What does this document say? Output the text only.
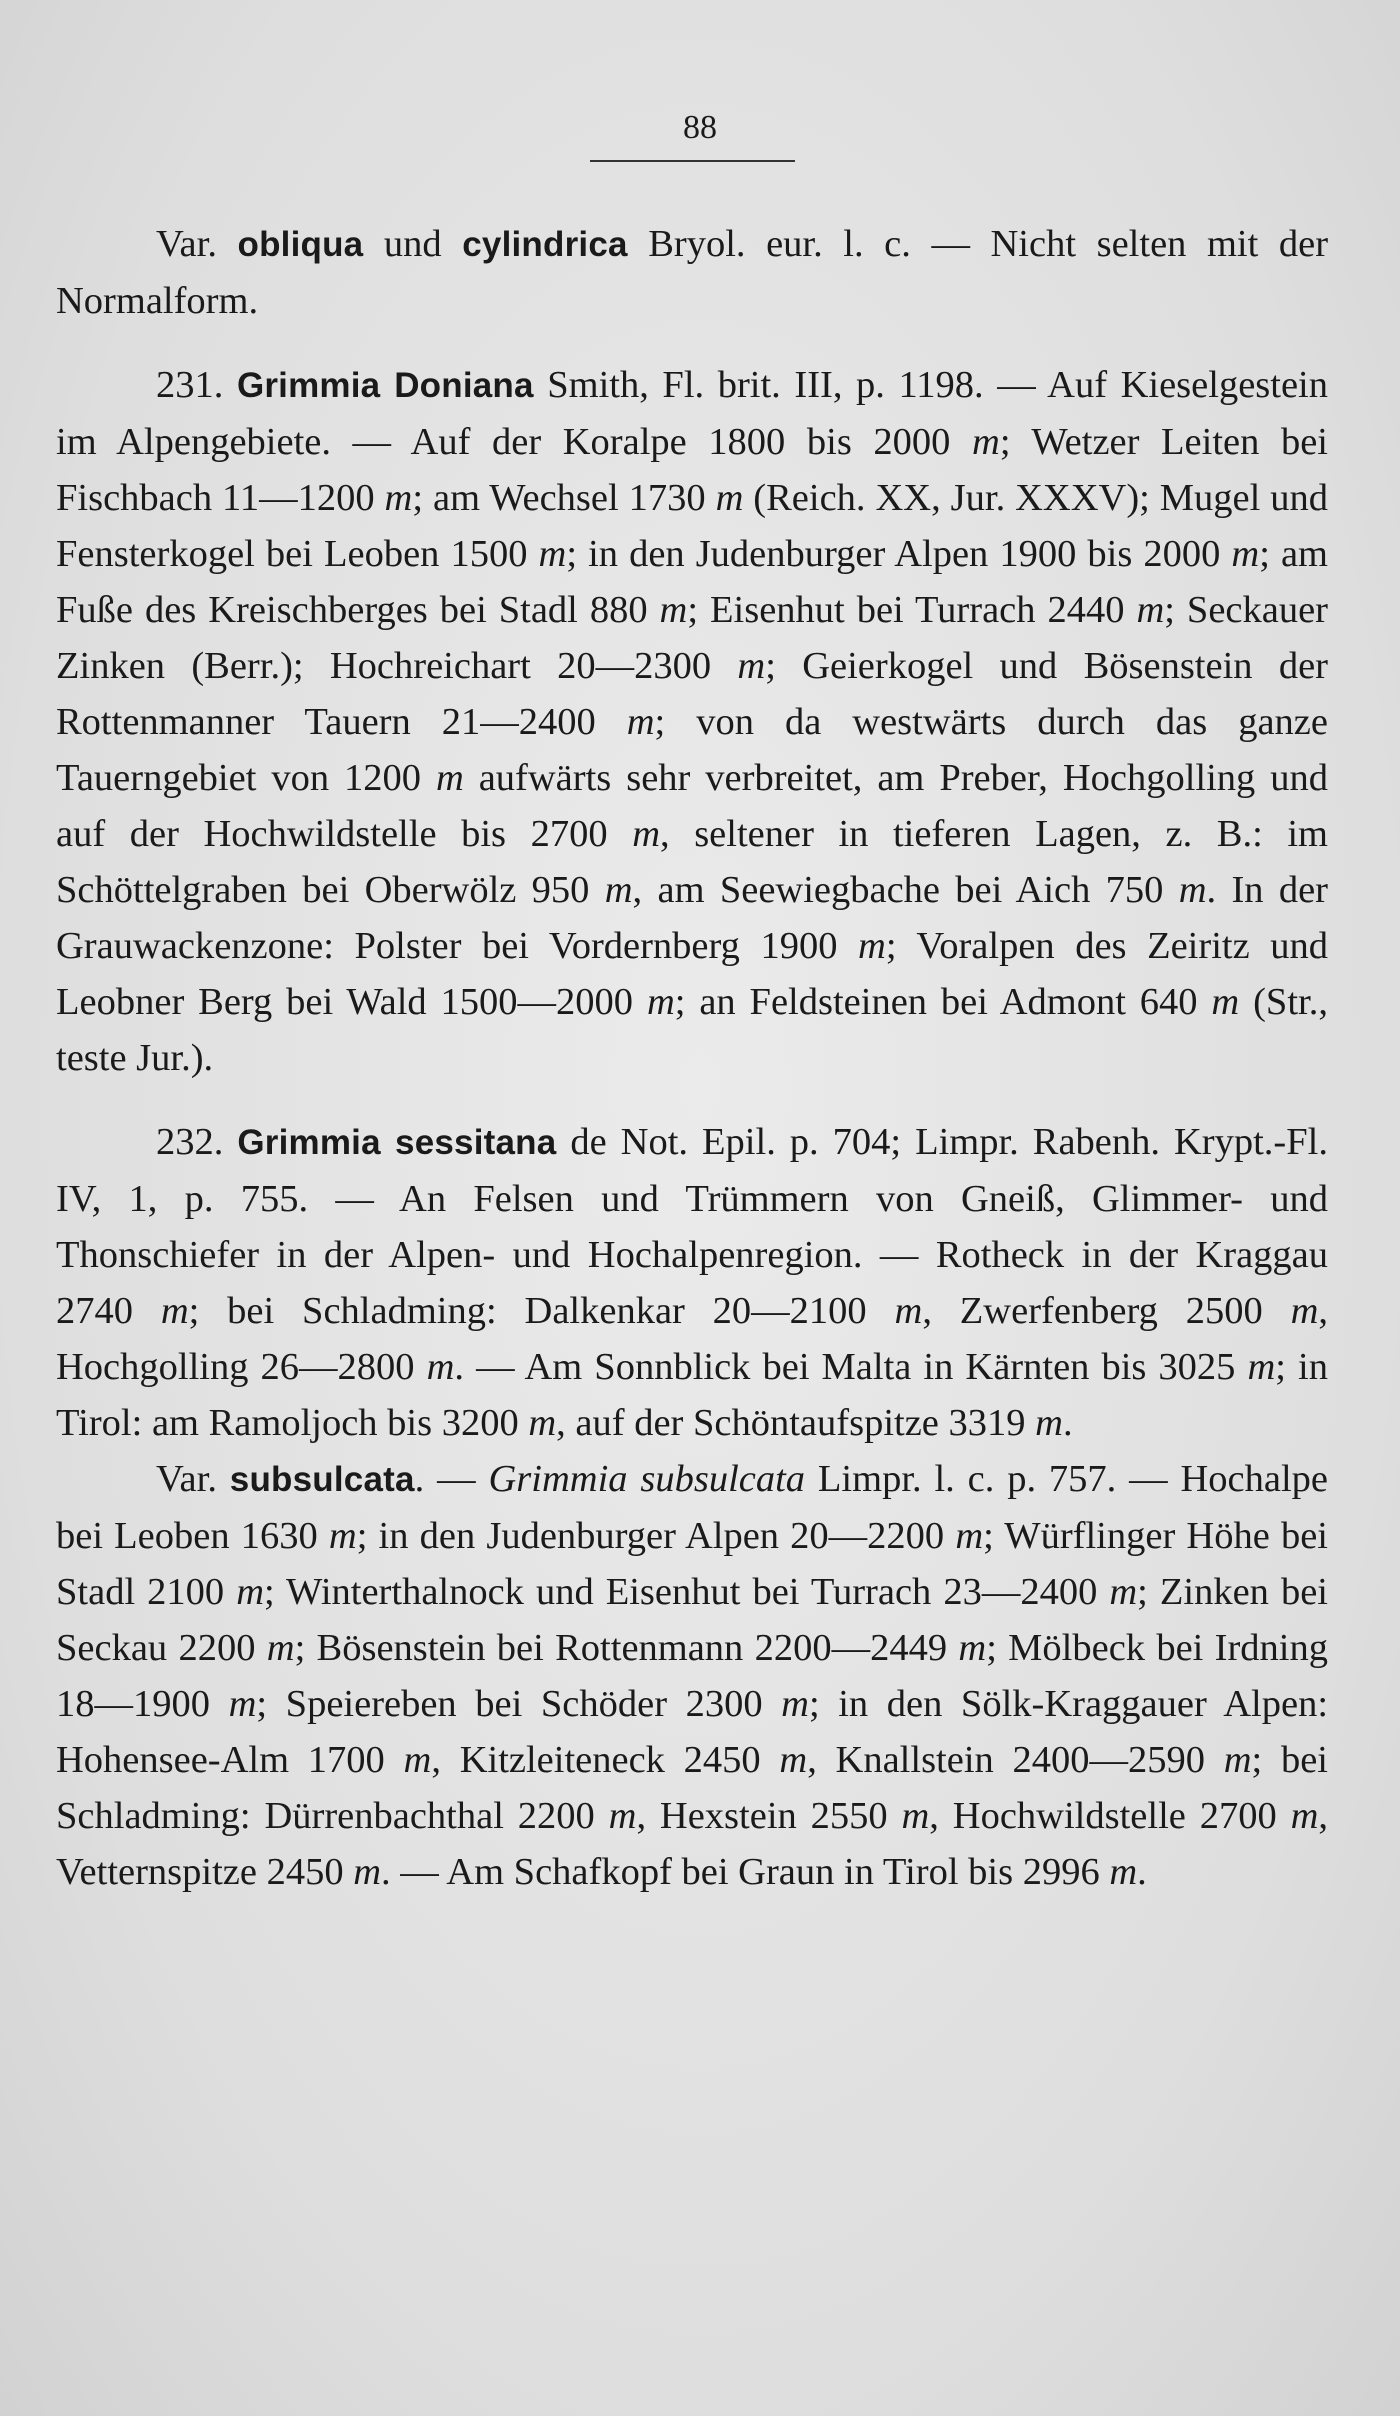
88

Var. obliqua und cylindrica Bryol. eur. l. c. — Nicht selten mit der Normalform.

231. Grimmia Doniana Smith, Fl. brit. III, p. 1198. — Auf Kieselgestein im Alpengebiete. — Auf der Koralpe 1800 bis 2000 m; Wetzer Leiten bei Fischbach 11—1200 m; am Wechsel 1730 m (Reich. XX, Jur. XXXV); Mugel und Fensterkogel bei Leoben 1500 m; in den Judenburger Alpen 1900 bis 2000 m; am Fuße des Kreischberges bei Stadl 880 m; Eisenhut bei Turrach 2440 m; Seckauer Zinken (Berr.); Hochreichart 20—2300 m; Geierkogel und Bösenstein der Rottenmanner Tauern 21—2400 m; von da westwärts durch das ganze Tauerngebiet von 1200 m aufwärts sehr verbreitet, am Preber, Hochgolling und auf der Hochwildstelle bis 2700 m, seltener in tieferen Lagen, z. B.: im Schöttelgraben bei Oberwölz 950 m, am Seewiegbache bei Aich 750 m. In der Grauwackenzone: Polster bei Vordernberg 1900 m; Voralpen des Zeiritz und Leobner Berg bei Wald 1500—2000 m; an Feldsteinen bei Admont 640 m (Str., teste Jur.).

232. Grimmia sessitana de Not. Epil. p. 704; Limpr. Rabenh. Krypt.-Fl. IV, 1, p. 755. — An Felsen und Trümmern von Gneiß, Glimmer- und Thonschiefer in der Alpen- und Hochalpenregion. — Rotheck in der Kraggau 2740 m; bei Schladming: Dalkenkar 20—2100 m, Zwerfenberg 2500 m, Hochgolling 26—2800 m. — Am Sonnblick bei Malta in Kärnten bis 3025 m; in Tirol: am Ramoljoch bis 3200 m, auf der Schöntaufspitze 3319 m.

Var. subsulcata. — Grimmia subsulcata Limpr. l. c. p. 757. — Hochalpe bei Leoben 1630 m; in den Judenburger Alpen 20—2200 m; Würflinger Höhe bei Stadl 2100 m; Winterthalnock und Eisenhut bei Turrach 23—2400 m; Zinken bei Seckau 2200 m; Bösenstein bei Rottenmann 2200—2449 m; Mölbeck bei Irdning 18—1900 m; Speiereben bei Schöder 2300 m; in den Sölk-Kraggauer Alpen: Hohensee-Alm 1700 m, Kitzleiteneck 2450 m, Knallstein 2400—2590 m; bei Schladming: Dürrenbachthal 2200 m, Hexstein 2550 m, Hochwildstelle 2700 m, Vetternspitze 2450 m. — Am Schafkopf bei Graun in Tirol bis 2996 m.
